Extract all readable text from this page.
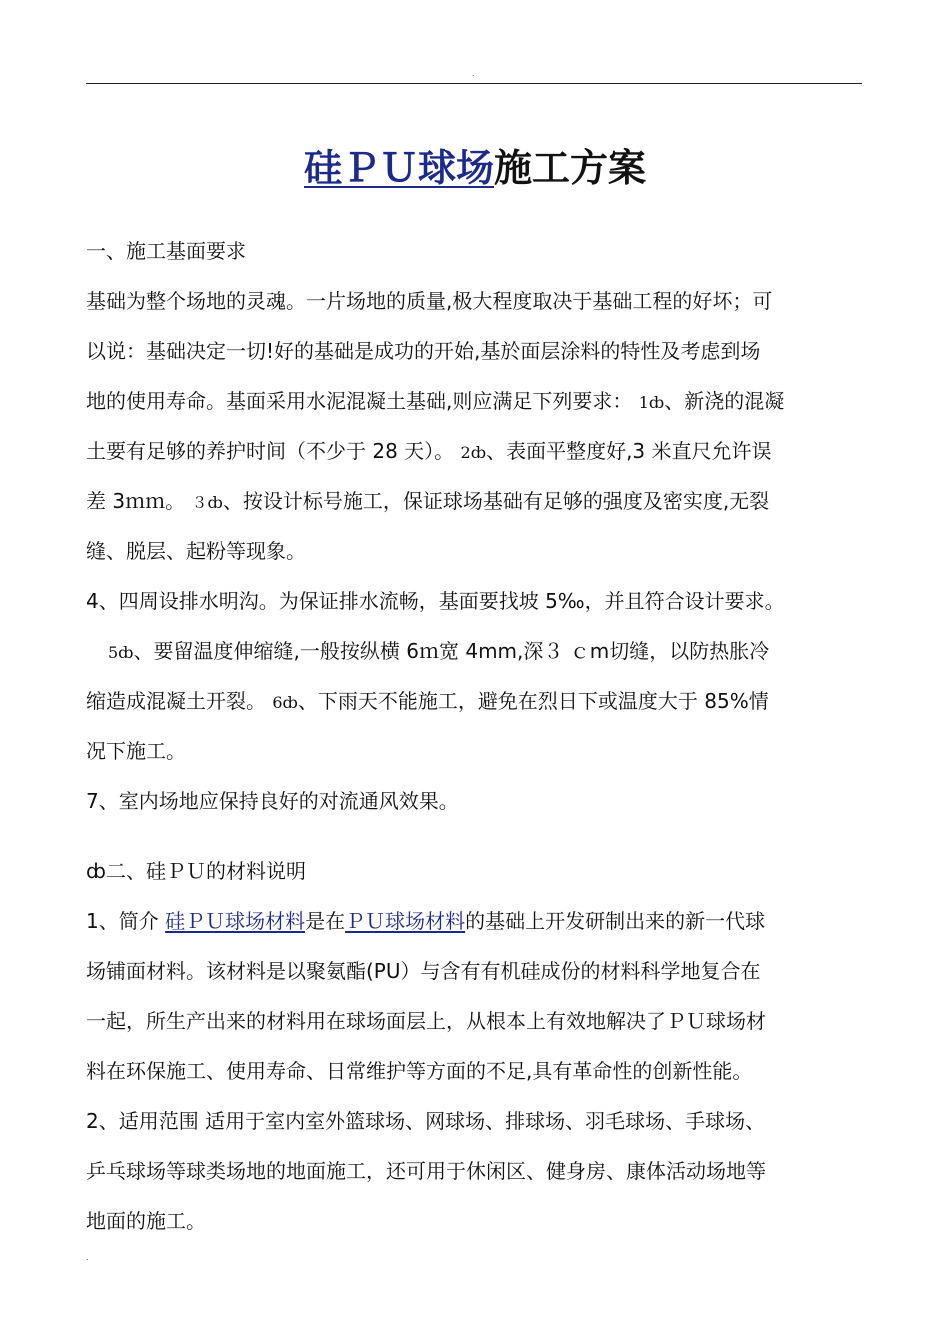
.
硅ＰＵ球场施工方案
一、施工基面要求
基础为整个场地的灵魂。一片场地的质量,极大程度取决于基础工程的好坏；可
以说：基础决定一切!好的基础是成功的开始,基於面层涂料的特性及考虑到场
地的使用寿命。基面采用水泥混凝土基础,则应满足下列要求： 1ȸ、新浇的混凝
土要有足够的养护时间（不少于 28 天）。 2ȸ、表面平整度好,3 米直尺允许误
差 3ｍｍ。 ３ȸ、按设计标号施工，保证球场基础有足够的强度及密实度,无裂
缝、脱层、起粉等现象。
4、四周设排水明沟。为保证排水流畅，基面要找坡 5‰，并且符合设计要求。
5ȸ、要留温度伸缩缝,一般按纵横 6ｍ宽 4mm,深３ ｃm切缝，以防热胀冷
缩造成混凝土开裂。 6ȸ、下雨天不能施工，避免在烈日下或温度大于 85%情
况下施工。
7、室内场地应保持良好的对流通风效果。
ȸ二、硅ＰＵ的材料说明
1、简介 硅ＰＵ球场材料是在ＰＵ球场材料的基础上开发研制出来的新一代球
场铺面材料。该材料是以聚氨酯(PU）与含有有机硅成份的材料科学地复合在
一起，所生产出来的材料用在球场面层上，从根本上有效地解决了ＰＵ球场材
料在环保施工、使用寿命、日常维护等方面的不足,具有革命性的创新性能。
2、适用范围 适用于室内室外篮球场、网球场、排球场、羽毛球场、手球场、
乒乓球场等球类场地的地面施工，还可用于休闲区、健身房、康体活动场地等
地面的施工。
.
